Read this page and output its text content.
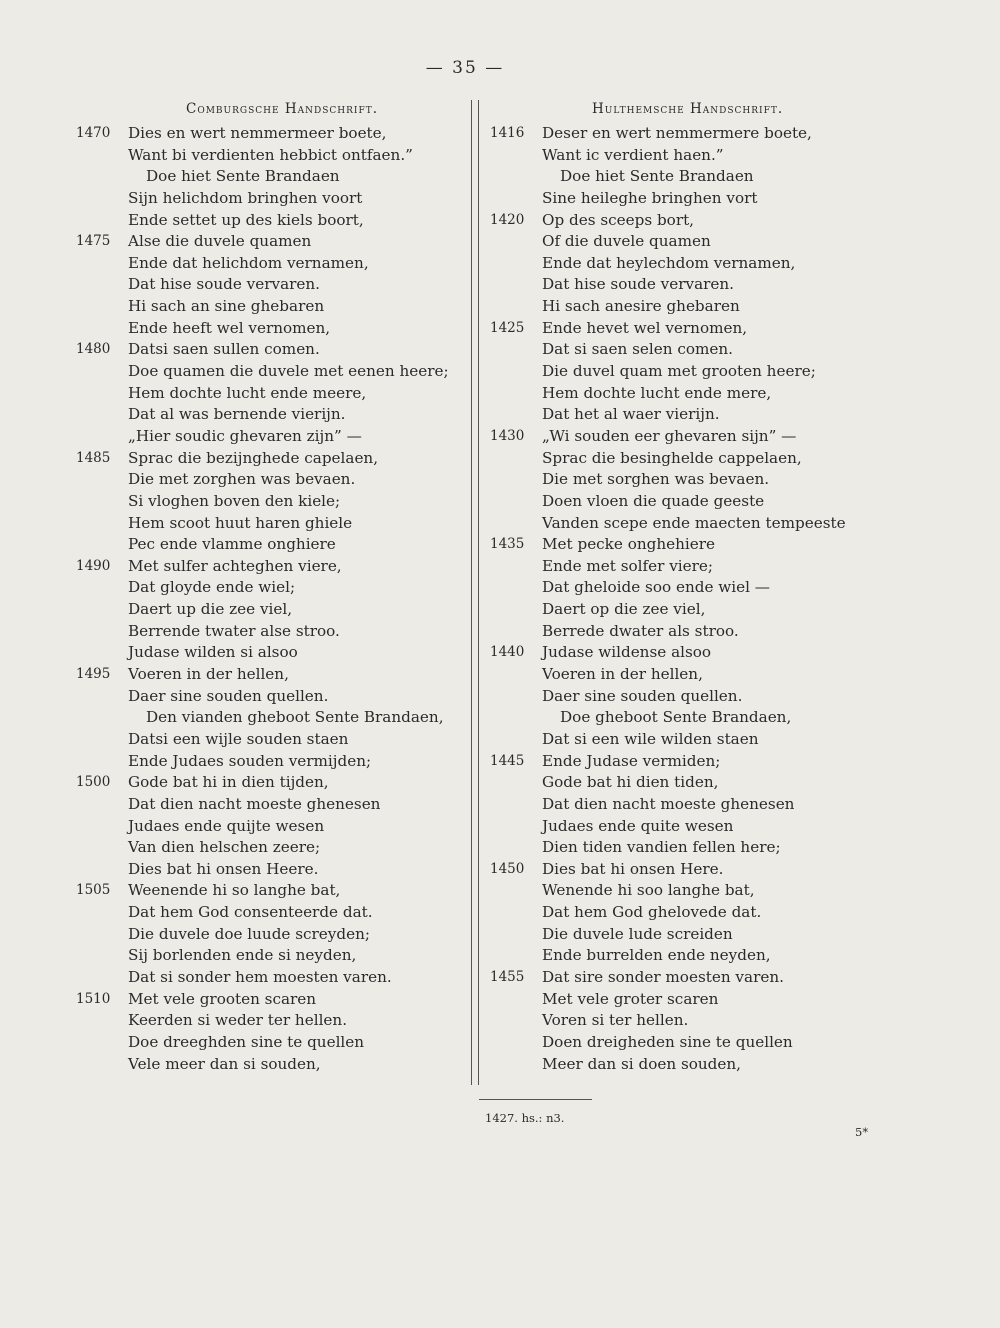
— 35 —
Comburgsche Handschrift.	Hulthemsche Handschrift.
1470 Dies en wert nemmermeer boete,
Want bi verdienten hebbict ontfaen.”
Doe hiet Sente Brandaen
Sijn helichdom bringhen voort
Ende settet up des kiels boort,
1475 Alse die duvele quamen
Ende dat helichdom vernamen,
Dat hise soude vervaren.
Hi sach an sine ghebaren
Ende heeft wel vernomen,
1480 Datsi saen sullen comen.
Doe quamen die duvele met eenen heere;
Hem dochte lucht ende meere,
Dat al was bernende vierijn.
„Hier soudic ghevaren zijn” —
1485 Sprac die bezijnghede capelaen,
Die met zorghen was bevaen.
Si vloghen boven den kiele;
Hem scoot huut haren ghiele
Pec ende vlamme onghiere
1490 Met sulfer achteghen viere,
Dat gloyde ende wiel;
Daert up die zee viel,
Berrende twater alse stroo.
Judase wilden si alsoo
1495 Voeren in der hellen,
Daer sine souden quellen.
Den vianden gheboot Sente Brandaen,
Datsi een wijle souden staen
Ende Judaes souden vermijden;
1500 Gode bat hi in dien tijden,
Dat dien nacht moeste ghenesen
Judaes ende quijte wesen
Van dien helschen zeere;
Dies bat hi onsen Heere.
1505 Weenende hi so langhe bat,
Dat hem God consenteerde dat.
Die duvele doe luude screyden;
Sij borlenden ende si neyden,
Dat si sonder hem moesten varen.
1510 Met vele grooten scaren
Keerden si weder ter hellen.
Doe dreeghden sine te quellen
Vele meer dan si souden,
1416 Deser en wert nemmermere boete,
Want ic verdient haen.”
Doe hiet Sente Brandaen
Sine heileghe bringhen vort
1420 Op des sceeps bort,
Of die duvele quamen
Ende dat heylechdom vernamen,
Dat hise soude vervaren.
Hi sach anesire ghebaren
1425 Ende hevet wel vernomen,
Dat si saen selen comen.
Die duvel quam met grooten heere;
Hem dochte lucht ende mere,
Dat het al waer vierijn.
1430 „Wi souden eer ghevaren sijn” —
Sprac die besinghelde cappelaen,
Die met sorghen was bevaen.
Doen vloen die quade geeste
Vanden scepe ende maecten tempeeste
1435 Met pecke onghehiere
Ende met solfer viere;
Dat gheloide soo ende wiel —
Daert op die zee viel,
Berrede dwater als stroo.
1440 Judase wildense alsoo
Voeren in der hellen,
Daer sine souden quellen.
Doe gheboot Sente Brandaen,
Dat si een wile wilden staen
1445 Ende Judase vermiden;
Gode bat hi dien tiden,
Dat dien nacht moeste ghenesen
Judaes ende quite wesen
Dien tiden vandien fellen here;
1450 Dies bat hi onsen Here.
Wenende hi soo langhe bat,
Dat hem God ghelovede dat.
Die duvele lude screiden
Ende burrelden ende neyden,
1455 Dat sire sonder moesten varen.
Met vele groter scaren
Voren si ter hellen.
Doen dreigheden sine te quellen
Meer dan si doen souden,
1427. hs.: n3.
5*
